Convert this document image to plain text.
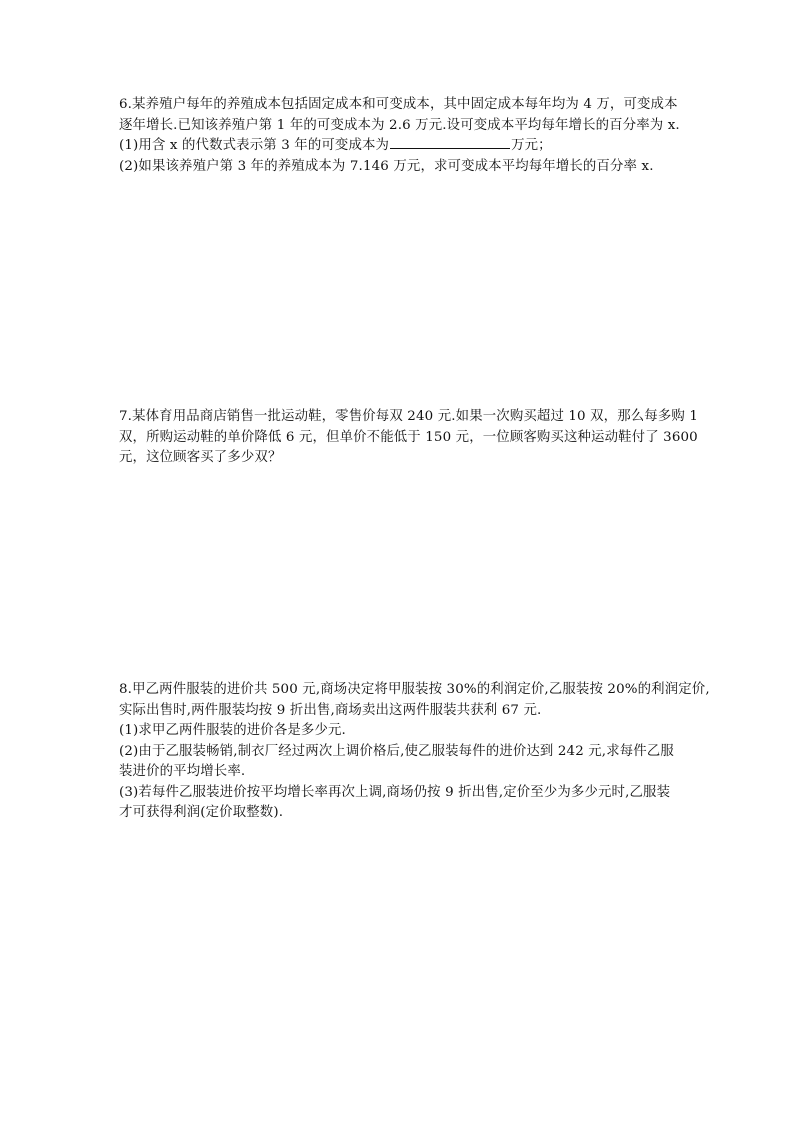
6.某养殖户每年的养殖成本包括固定成本和可变成本，其中固定成本每年均为 4 万，可变成本
逐年增长.已知该养殖户第 1 年的可变成本为 2.6 万元.设可变成本平均每年增长的百分率为 x.
(1)用含 x 的代数式表示第 3 年的可变成本为	万元；
(2)如果该养殖户第 3 年的养殖成本为 7.146 万元，求可变成本平均每年增长的百分率 x.
7.某体育用品商店销售一批运动鞋，零售价每双 240 元.如果一次购买超过 10 双，那么每多购 1
双，所购运动鞋的单价降低 6 元，但单价不能低于 150 元，一位顾客购买这种运动鞋付了 3600
元，这位顾客买了多少双？
8.甲乙两件服装的进价共 500 元,商场决定将甲服装按 30%的利润定价,乙服装按 20%的利润定价,
实际出售时,两件服装均按 9 折出售,商场卖出这两件服装共获利 67 元.
(1)求甲乙两件服装的进价各是多少元.
(2)由于乙服装畅销,制衣厂经过两次上调价格后,使乙服装每件的进价达到 242 元,求每件乙服
装进价的平均增长率.
(3)若每件乙服装进价按平均增长率再次上调,商场仍按 9 折出售,定价至少为多少元时,乙服装
才可获得利润(定价取整数).
